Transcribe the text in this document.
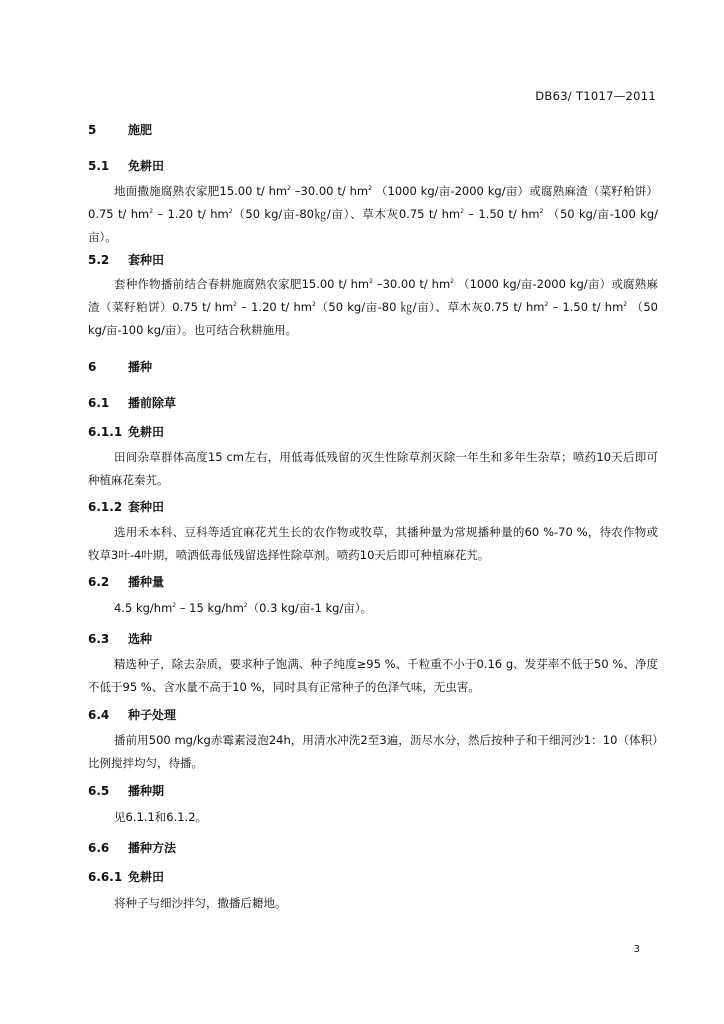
DB63/ T1017—2011
5	施肥
5.1 免耕田

地面撒施腐熟农家肥15.00 t/ $hm^2$ –30.00 t/ $hm^2$ （1000 kg/亩-2000 kg/亩）或腐熟麻渣（菜籽粕饼）0.75 t/ $hm^2 - 1.20$ t/ $hm^2(50$ kg/亩-80㎏/亩）、草木灰0.75 t/ $hm^2 - 1.50$ t/ $hm^2$ （50 kg/亩-100 kg/亩）。

5.2 套种田

套种作物播前结合春耕施腐熟农家肥15.00 t/ $hm^2$ –30.00 t/ $hm^2$ （1000 kg/亩-2000 kg/亩）或腐熟麻渣（菜籽粕饼）0.75 t/ $hm^2 - 1.20$ t/ $hm^2(50$ kg/亩-80 ㎏/亩）、草木灰0.75 t/ $hm^2 - 1.50$ t/ $hm^2$ （50 kg/亩-100 kg/亩）。也可结合秋耕施用。

6	播种
6.1 播前除草
6.1.1 免耕田

田间杂草群体高度15 cm左右，用低毒低残留的灭生性除草剂灭除一年生和多年生杂草；喷药10天后即可种植麻花秦艽。

6.1.2 套种田

选用禾本科、豆科等适宜麻花艽生长的农作物或牧草，其播种量为常规播种量的60 %-70 %，待农作物或牧草3叶-4叶期，喷洒低毒低残留选择性除草剂。喷药10天后即可种植麻花艽。

6.2 播种量

4.5 $kg/hm^2 - 15$ $kg/hm^2(0.3$ kg/亩-1 kg/亩）。

6.3 选种

精选种子，除去杂质，要求种子饱满、种子纯度≥95 %、千粒重不小于0.16 g、发芽率不低于50 %、净度不低于95 %、含水量不高于10 %，同时具有正常种子的色泽气味，无虫害。

6.4 种子处理

播前用500 mg/kg赤霉素浸泡24h，用清水冲洗2至3遍，沥尽水分，然后按种子和干细河沙1：10（体积）比例搅拌均匀，待播。

6.5 播种期

见6.1.1和6.1.2。

6.6 播种方法
6.6.1 免耕田

将种子与细沙拌匀，撒播后耱地。

3
